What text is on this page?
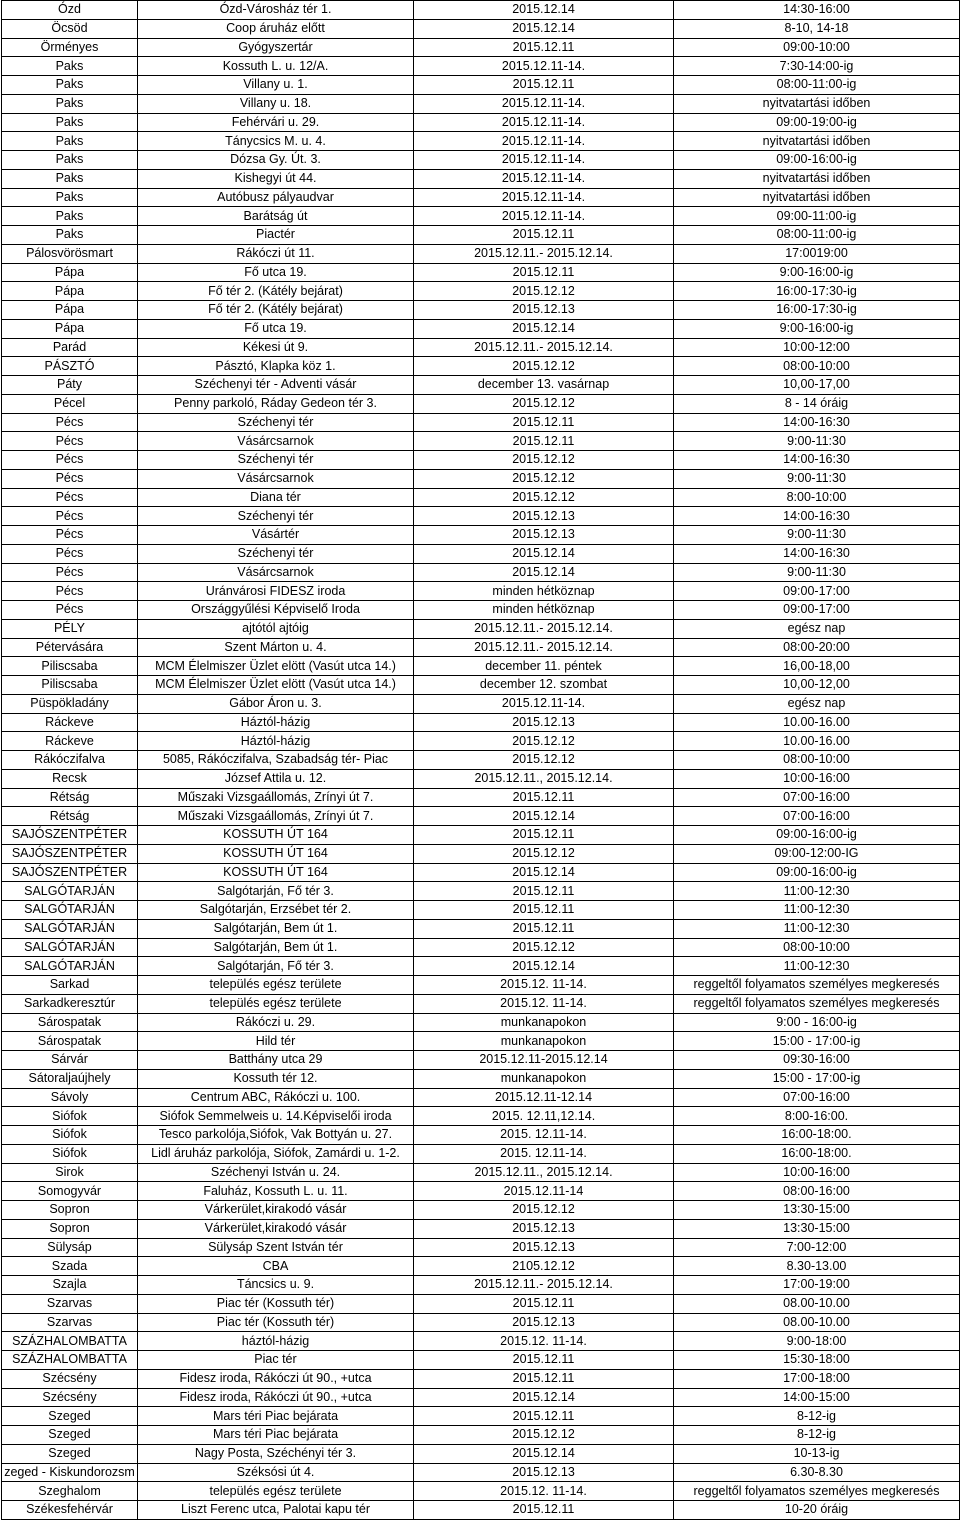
Ózd	Ózd-Városház tér 1.	2015.12.14	14:30-16:00
Öcsöd	Coop áruház előtt	2015.12.14	8-10, 14-18
Örményes	Gyógyszertár	2015.12.11	09:00-10:00
Paks	Kossuth L. u. 12/A.	2015.12.11-14.	7:30-14:00-ig
Paks	Villany u. 1.	2015.12.11	08:00-11:00-ig
Paks	Villany u. 18.	2015.12.11-14.	nyitvatartási időben
Paks	Fehérvári u. 29.	2015.12.11-14.	09:00-19:00-ig
Paks	Tánycsics M. u. 4.	2015.12.11-14.	nyitvatartási időben
Paks	Dózsa Gy. Út. 3.	2015.12.11-14.	09:00-16:00-ig
Paks	Kishegyi út 44.	2015.12.11-14.	nyitvatartási időben
Paks	Autóbusz pályaudvar	2015.12.11-14.	nyitvatartási időben
Paks	Barátság út	2015.12.11-14.	09:00-11:00-ig
Paks	Piactér	2015.12.11	08:00-11:00-ig
Pálosvörösmart	Rákóczi út 11.	2015.12.11.- 2015.12.14.	17:0019:00
Pápa	Fő utca 19.	2015.12.11	9:00-16:00-ig
Pápa	Fő tér 2. (Kátély bejárat)	2015.12.12	16:00-17:30-ig
Pápa	Fő tér 2. (Kátély bejárat)	2015.12.13	16:00-17:30-ig
Pápa	Fő utca 19.	2015.12.14	9:00-16:00-ig
Parád	Kékesi út 9.	2015.12.11.- 2015.12.14.	10:00-12:00
PÁSZTÓ	Pásztó, Klapka köz 1.	2015.12.12	08:00-10:00
Páty	Széchenyi tér - Adventi vásár	december 13. vasárnap	10,00-17,00
Pécel	Penny parkoló, Ráday Gedeon tér 3.	2015.12.12	8 - 14 óráig
Pécs	Széchenyi tér	2015.12.11	14:00-16:30
Pécs	Vásárcsarnok	2015.12.11	9:00-11:30
Pécs	Széchenyi tér	2015.12.12	14:00-16:30
Pécs	Vásárcsarnok	2015.12.12	9:00-11:30
Pécs	Diana tér	2015.12.12	8:00-10:00
Pécs	Széchenyi tér	2015.12.13	14:00-16:30
Pécs	Vásártér	2015.12.13	9:00-11:30
Pécs	Széchenyi tér	2015.12.14	14:00-16:30
Pécs	Vásárcsarnok	2015.12.14	9:00-11:30
Pécs	Uránvárosi FIDESZ iroda	minden hétköznap	09:00-17:00
Pécs	Országgyűlési Képviselő Iroda	minden hétköznap	09:00-17:00
PÉLY	ajtótól ajtóig	2015.12.11.- 2015.12.14.	egész nap
Pétervására	Szent Márton u. 4.	2015.12.11.- 2015.12.14.	08:00-20:00
Piliscsaba	MCM Élelmiszer Üzlet elött (Vasút utca 14.)	december 11. péntek	16,00-18,00
Piliscsaba	MCM Élelmiszer Üzlet elött (Vasút utca 14.)	december 12. szombat	10,00-12,00
Püspökladány	Gábor Áron u. 3.	2015.12.11-14.	egész nap
Ráckeve	Háztól-házig	2015.12.13	10.00-16.00
Ráckeve	Háztól-házig	2015.12.12	10.00-16.00
Rákóczifalva	5085, Rákóczifalva, Szabadság tér- Piac	2015.12.12	08:00-10:00
Recsk	József Attila u. 12.	2015.12.11., 2015.12.14.	10:00-16:00
Rétság	Műszaki Vizsgaállomás, Zrínyi út 7.	2015.12.11	07:00-16:00
Rétság	Műszaki Vizsgaállomás, Zrínyi út 7.	2015.12.14	07:00-16:00
SAJÓSZENTPÉTER	KOSSUTH ÚT 164	2015.12.11	09:00-16:00-ig
SAJÓSZENTPÉTER	KOSSUTH ÚT 164	2015.12.12	09:00-12:00-IG
SAJÓSZENTPÉTER	KOSSUTH ÚT 164	2015.12.14	09:00-16:00-ig
SALGÓTARJÁN	Salgótarján, Fő tér 3.	2015.12.11	11:00-12:30
SALGÓTARJÁN	Salgótarján, Erzsébet tér 2.	2015.12.11	11:00-12:30
SALGÓTARJÁN	Salgótarján, Bem út 1.	2015.12.11	11:00-12:30
SALGÓTARJÁN	Salgótarján, Bem út 1.	2015.12.12	08:00-10:00
SALGÓTARJÁN	Salgótarján, Fő tér 3.	2015.12.14	11:00-12:30
Sarkad	település egész területe	2015.12. 11-14.	reggeltől folyamatos személyes megkeresés
Sarkadkeresztúr	település egész területe	2015.12. 11-14.	reggeltől folyamatos személyes megkeresés
Sárospatak	Rákóczi u. 29.	munkanapokon	9:00 - 16:00-ig
Sárospatak	Hild tér	munkanapokon	15:00 - 17:00-ig
Sárvár	Batthány utca 29	2015.12.11-2015.12.14	09:30-16:00
Sátoraljaújhely	Kossuth tér 12.	munkanapokon	15:00 - 17:00-ig
Sávoly	Centrum ABC, Rákóczi u. 100.	2015.12.11-12.14	07:00-16:00
Siófok	Siófok Semmelweis u. 14.Képviselői iroda	2015. 12.11,12.14.	8:00-16:00.
Siófok	Tesco parkolója,Siófok, Vak Bottyán u. 27.	2015. 12.11-14.	16:00-18:00.
Siófok	Lidl áruház parkolója, Siófok, Zamárdi u. 1-2.	2015. 12.11-14.	16:00-18:00.
Sirok	Széchenyi István u. 24.	2015.12.11., 2015.12.14.	10:00-16:00
Somogyvár	Faluház, Kossuth L. u. 11.	2015.12.11-14	08:00-16:00
Sopron	Várkerület,kirakodó vásár	2015.12.12	13:30-15:00
Sopron	Várkerület,kirakodó vásár	2015.12.13	13:30-15:00
Sülysáp	Sülysáp Szent István tér	2015.12.13	7:00-12:00
Szada	CBA	2105.12.12	8.30-13.00
Szajla	Táncsics u. 9.	2015.12.11.- 2015.12.14.	17:00-19:00
Szarvas	Piac tér (Kossuth tér)	2015.12.11	08.00-10.00
Szarvas	Piac tér (Kossuth tér)	2015.12.13	08.00-10.00
SZÁZHALOMBATTA	háztól-házig	2015.12. 11-14.	9:00-18:00
SZÁZHALOMBATTA	Piac tér	2015.12.11	15:30-18:00
Szécsény	Fidesz iroda, Rákóczi út 90., +utca	2015.12.11	17:00-18:00
Szécsény	Fidesz iroda, Rákóczi út 90., +utca	2015.12.14	14:00-15:00
Szeged	Mars téri Piac bejárata	2015.12.11	8-12-ig
Szeged	Mars téri Piac bejárata	2015.12.12	8-12-ig
Szeged	Nagy Posta, Széchényi tér 3.	2015.12.14	10-13-ig
zeged - Kiskundorozsm	Széksósi út 4.	2015.12.13	6.30-8.30
Szeghalom	település egész területe	2015.12. 11-14.	reggeltől folyamatos személyes megkeresés
Székesfehérvár	Liszt Ferenc utca, Palotai kapu tér	2015.12.11	10-20 óráig
